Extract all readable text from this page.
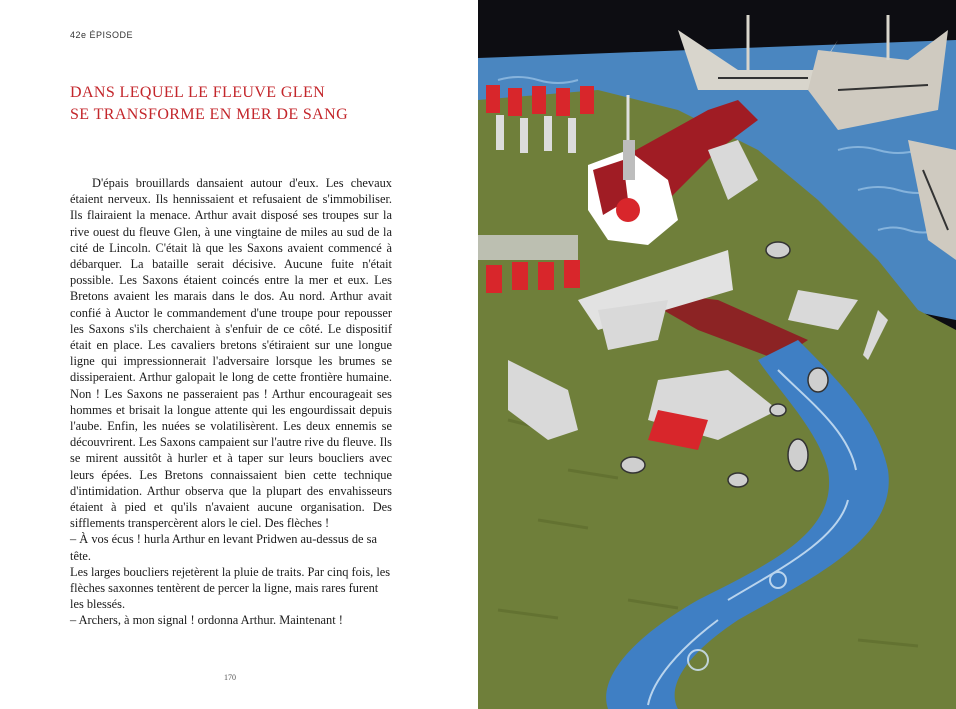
42e ÉPISODE
DANS LEQUEL LE FLEUVE GLEN
SE TRANSFORME EN MER DE SANG

D'épais brouillards dansaient autour d'eux. Les chevaux étaient nerveux. Ils hennissaient et refusaient de s'immobiliser. Ils flairaient la menace. Arthur avait disposé ses troupes sur la rive ouest du fleuve Glen, à une vingtaine de miles au sud de la cité de Lincoln. C'était là que les Saxons avaient commencé à débarquer. La bataille serait décisive. Aucune fuite n'était possible. Les Saxons étaient coincés entre la mer et eux. Les Bretons avaient les marais dans le dos. Au nord. Arthur avait confié à Auctor le commandement d'une troupe pour repousser les Saxons s'ils cherchaient à s'enfuir de ce côté. Le dispositif était en place. Les cavaliers bretons s'étiraient sur une longue ligne qui impressionnerait l'adversaire lorsque les brumes se dissiperaient. Arthur galopait le long de cette frontière humaine. Non ! Les Saxons ne passeraient pas ! Arthur encourageait ses hommes et brisait la longue attente qui les engourdissait depuis l'aube. Enfin, les nuées se volatilisèrent. Les deux ennemis se découvrirent. Les Saxons campaient sur l'autre rive du fleuve. Ils se mirent aussitôt à hurler et à taper sur leurs boucliers avec leurs épées. Les Bretons connaissaient bien cette technique d'intimidation. Arthur observa que la plupart des envahisseurs étaient à pied et qu'ils n'avaient aucune organisation. Des sifflements transpercèrent alors le ciel. Des flèches !

– À vos écus ! hurla Arthur en levant Pridwen au-dessus de sa tête.

Les larges boucliers rejetèrent la pluie de traits. Par cinq fois, les flèches saxonnes tentèrent de percer la ligne, mais rares furent les blessés.

– Archers, à mon signal ! ordonna Arthur. Maintenant !

170
